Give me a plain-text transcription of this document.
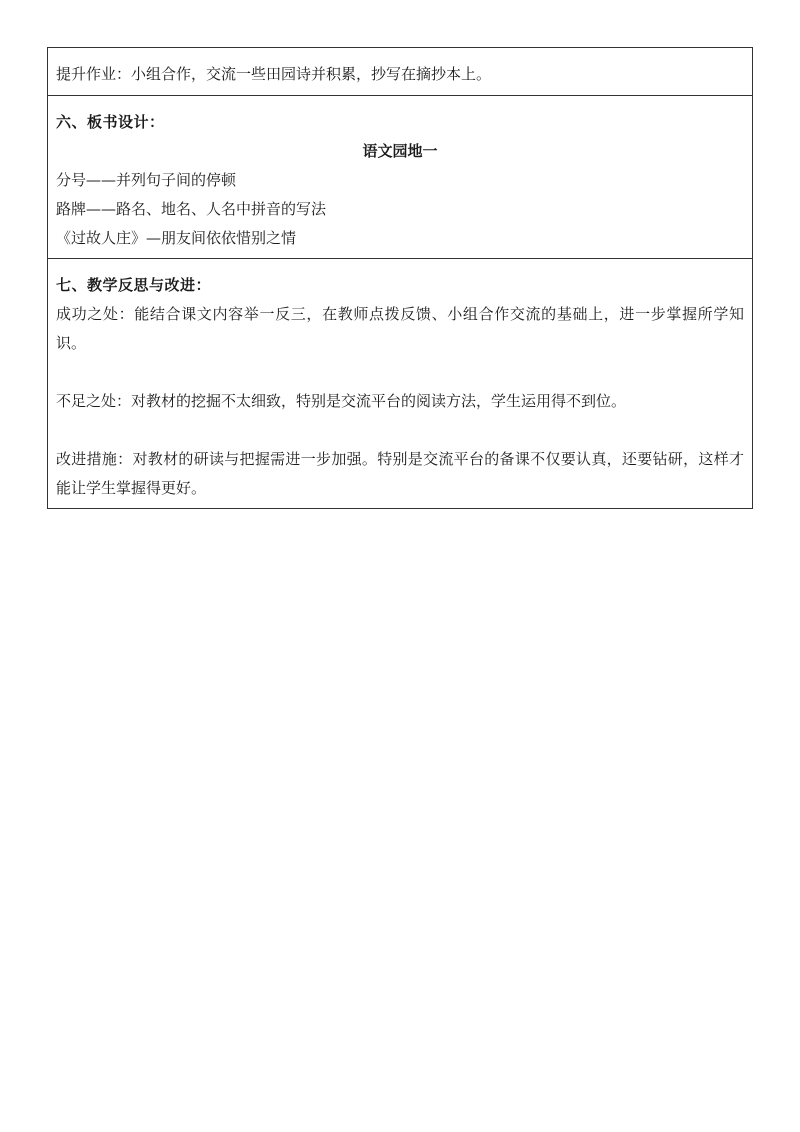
提升作业：小组合作，交流一些田园诗并积累，抄写在摘抄本上。
六、板书设计：
语文园地一
分号——并列句子间的停顿
路牌——路名、地名、人名中拼音的写法
《过故人庄》—朋友间依依惜别之情
七、教学反思与改进：
成功之处：能结合课文内容举一反三，在教师点拨反馈、小组合作交流的基础上，进一步掌握所学知识。
不足之处：对教材的挖掘不太细致，特别是交流平台的阅读方法，学生运用得不到位。
改进措施：对教材的研读与把握需进一步加强。特别是交流平台的备课不仅要认真，还要钻研，这样才能让学生掌握得更好。
